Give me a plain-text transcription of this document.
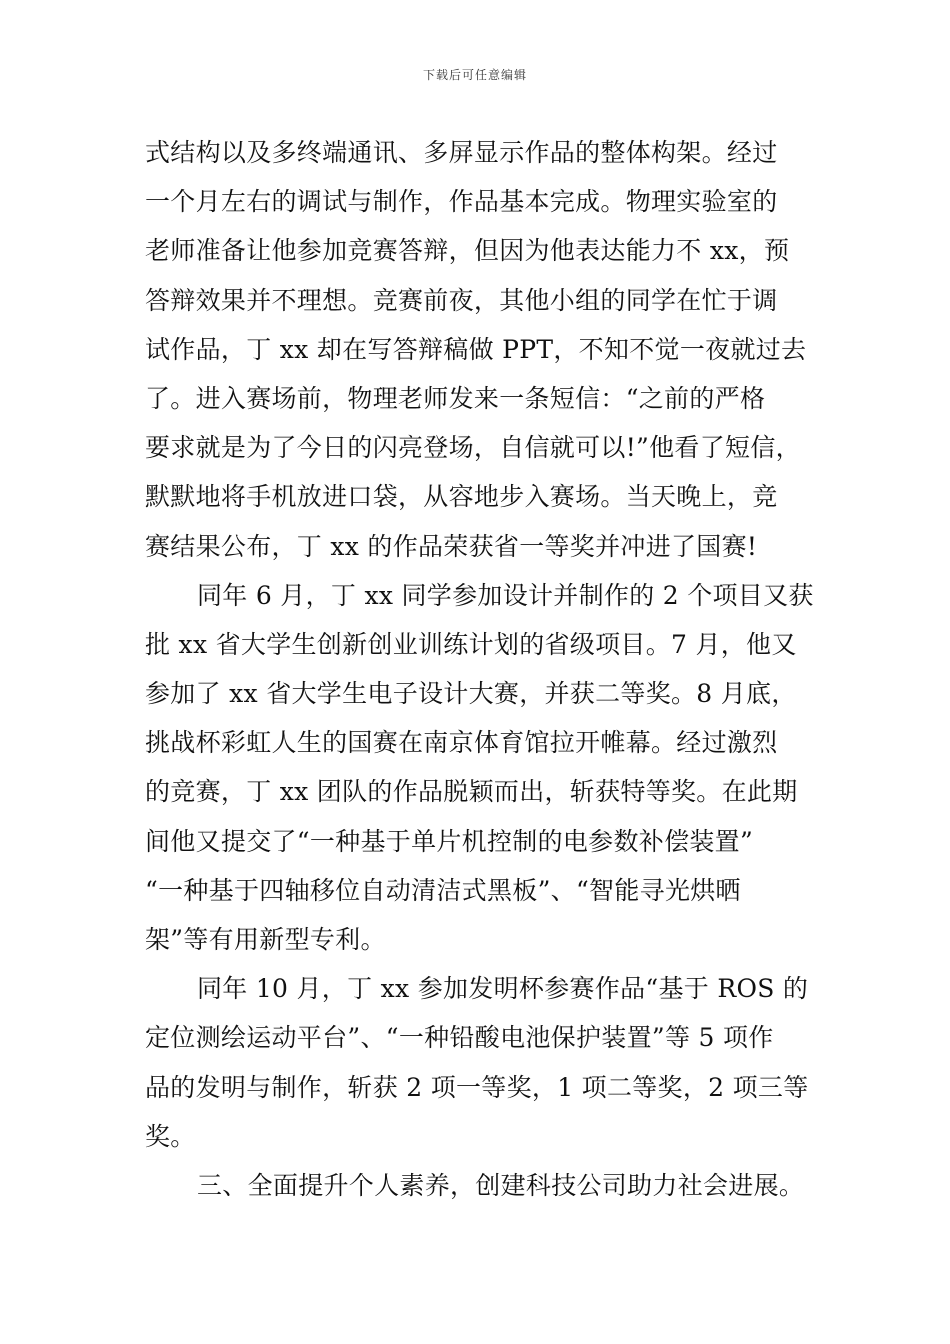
下载后可任意编辑
式结构以及多终端通讯、多屏显示作品的整体构架。经过
一个月左右的调试与制作，作品基本完成。物理实验室的
老师准备让他参加竞赛答辩，但因为他表达能力不 xx，预
答辩效果并不理想。竞赛前夜，其他小组的同学在忙于调
试作品，丁 xx 却在写答辩稿做 PPT，不知不觉一夜就过去
了。进入赛场前，物理老师发来一条短信：“之前的严格
要求就是为了今日的闪亮登场，自信就可以!”他看了短信，
默默地将手机放进口袋，从容地步入赛场。当天晚上，竞
赛结果公布，丁 xx 的作品荣获省一等奖并冲进了国赛!
同年 6 月，丁 xx 同学参加设计并制作的 2 个项目又获
批 xx 省大学生创新创业训练计划的省级项目。7 月，他又
参加了 xx 省大学生电子设计大赛，并获二等奖。8 月底，
挑战杯彩虹人生的国赛在南京体育馆拉开帷幕。经过激烈
的竞赛，丁 xx 团队的作品脱颖而出，斩获特等奖。在此期
间他又提交了“一种基于单片机控制的电参数补偿装置”
“一种基于四轴移位自动清洁式黑板”、“智能寻光烘晒
架”等有用新型专利。
同年 10 月，丁 xx 参加发明杯参赛作品“基于 ROS 的
定位测绘运动平台”、“一种铅酸电池保护装置”等 5 项作
品的发明与制作，斩获 2 项一等奖，1 项二等奖，2 项三等
奖。
三、全面提升个人素养，创建科技公司助力社会进展。
